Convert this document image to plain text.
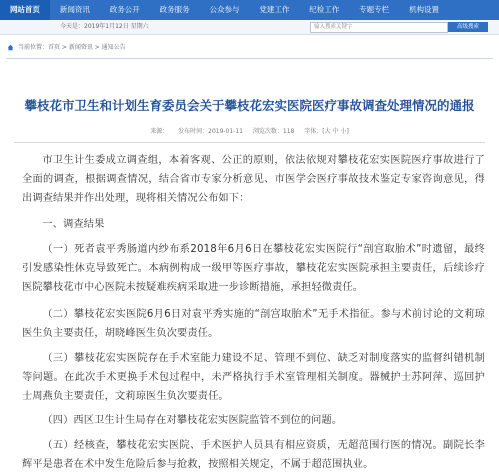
网站首页	新闻资讯	政务公开	政务服务	公众参与	党建工作	纪检工作	专题专栏	机构设置
今天是：2019年1月12日 星期六	输入搜索关键字	高级搜索
当前位置：首页 > 新闻资讯 > 通知公告
攀枝花市卫生和计划生育委员会关于攀枝花宏实医院医疗事故调查处理情况的通报
来源： 发布时间：2019-01-11 浏览次数：118 字体：[大 中 小]

市卫生计生委成立调查组，本着客观、公正的原则，依法依规对攀枝花宏实医院医疗事故进行了全面的调查，根据调查情况，结合省市专家分析意见、市医学会医疗事故技术鉴定专家咨询意见，得出调查结果并作出处理，现将相关情况公布如下：

一、调查结果

（一）死者袁平秀肠道内纱布系2018年6月6日在攀枝花宏实医院行“剖宫取胎术”时遗留，最终引发感染性休克导致死亡。本病例构成一级甲等医疗事故，攀枝花宏实医院承担主要责任，后续诊疗医院攀枝花市中心医院未按疑难疾病采取进一步诊断措施，承担轻微责任。

（二）攀枝花宏实医院6月6日对袁平秀实施的“剖宫取胎术”无手术指征。参与术前讨论的文莉琼医生负主要责任，胡晓峰医生负次要责任。

（三）攀枝花宏实医院存在手术室能力建设不足、管理不到位、缺乏对制度落实的监督纠错机制等问题。在此次手术更换手术包过程中，未严格执行手术室管理相关制度。器械护士苏阿萍、巡回护士周燕负主要责任，文莉琼医生负次要责任。

（四）西区卫生计生局存在对攀枝花宏实医院监管不到位的问题。

（五）经核查，攀枝花宏实医院、手术医护人员具有相应资质，无超范围行医的情况。副院长李辉平是患者在术中发生危险后参与抢救，按照相关规定，不属于超范围执业。
